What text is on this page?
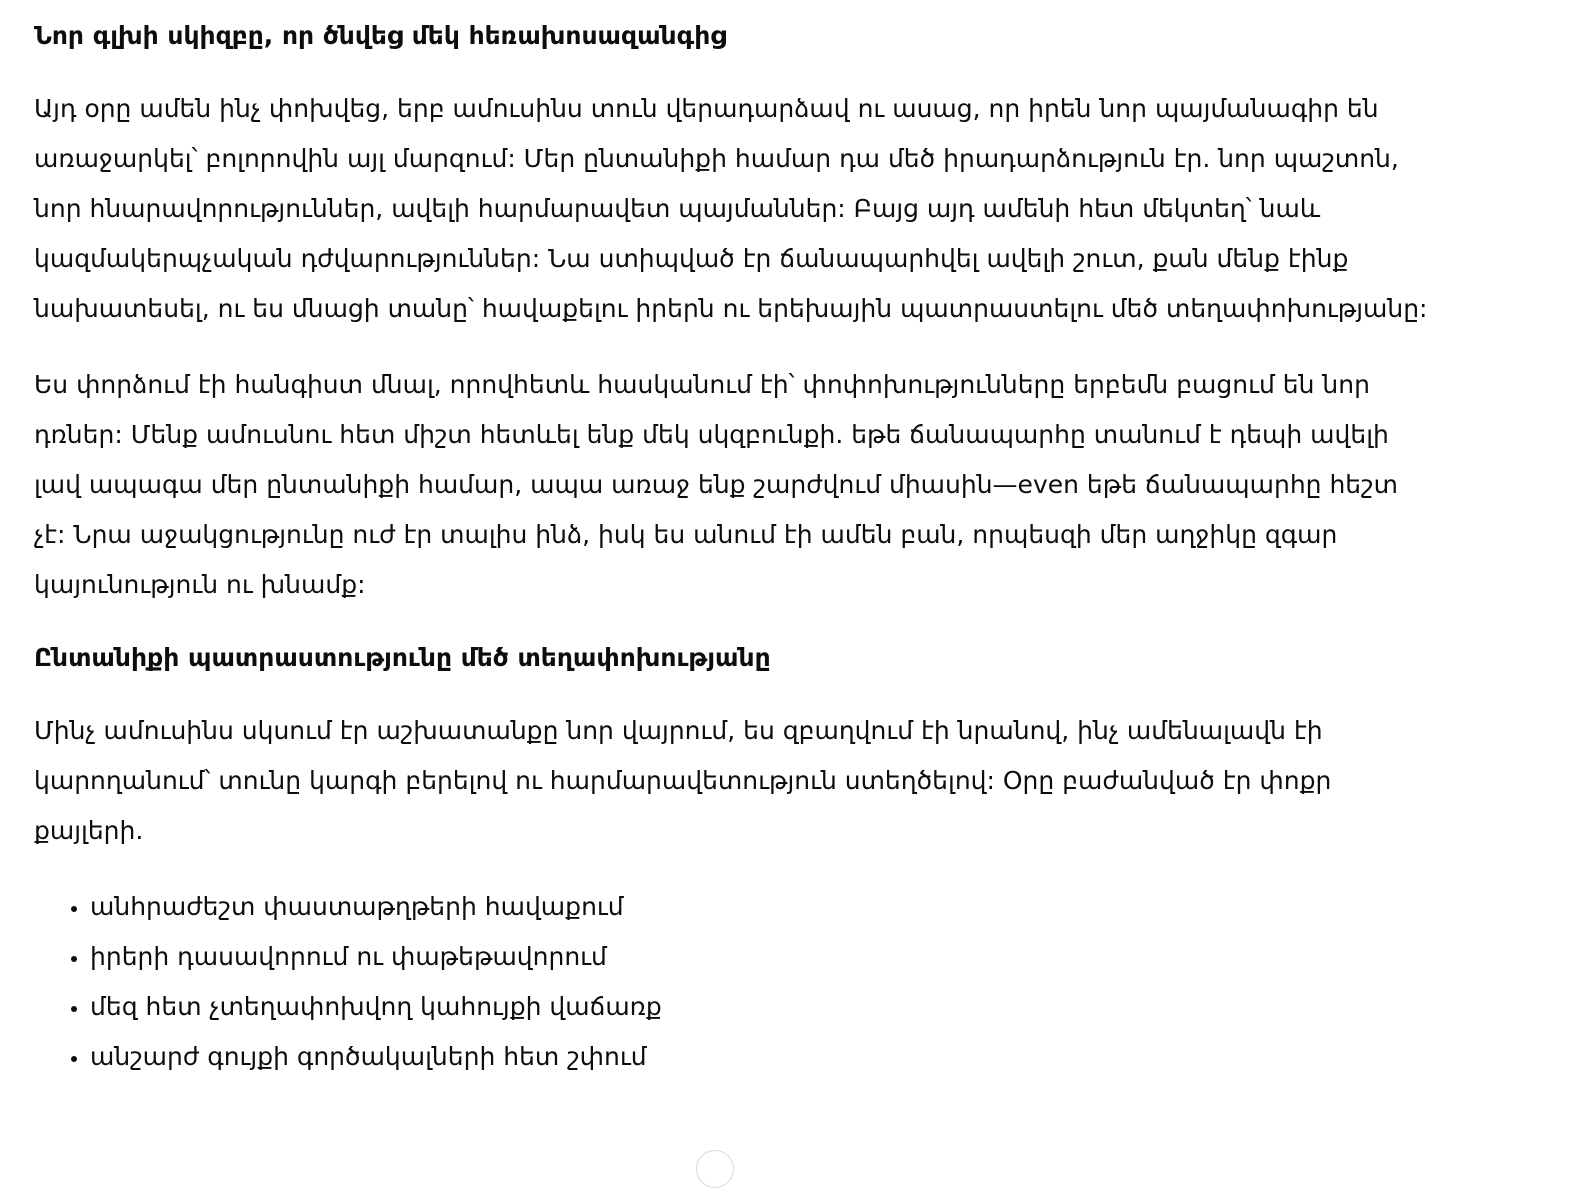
Նոր գլխի սկիզբը, որ ծնվեց մեկ հեռախոսազանգից

Այդ օրը ամեն ինչ փոխվեց, երբ ամուսինս տուն վերադարձավ ու ասաց, որ իրեն նոր պայմանագիր են առաջարկել՝ բոլորովին այլ մարզում: Մեր ընտանիքի համար դա մեծ իրադարձություն էր. նոր պաշտոն, նոր հնարավորություններ, ավելի հարմարավետ պայմաններ: Բայց այդ ամենի հետ մեկտեղ՝ նաև կազմակերպչական դժվարություններ: Նա ստիպված էր ճանապարհվել ավելի շուտ, քան մենք էինք նախատեսել, ու ես մնացի տանը՝ հավաքելու իրերն ու երեխային պատրաստելու մեծ տեղափոխությանը:

Ես փորձում էի հանգիստ մնալ, որովհետև հասկանում էի՝ փոփոխությունները երբեմն բացում են նոր դռներ: Մենք ամուսնու հետ միշտ հետևել ենք մեկ սկզբունքի. եթե ճանապարհը տանում է դեպի ավելի լավ ապագա մեր ընտանիքի համար, ապա առաջ ենք շարժվում միասին—even եթե ճանապարհը հեշտ չէ: Նրա աջակցությունը ուժ էր տալիս ինձ, իսկ ես անում էի ամեն բան, որպեսզի մեր աղջիկը զգար կայունություն ու խնամք:

Ընտանիքի պատրաստությունը մեծ տեղափոխությանը

Մինչ ամուսինս սկսում էր աշխատանքը նոր վայրում, ես զբաղվում էի նրանով, ինչ ամենալավն էի կարողանում՝ տունը կարգի բերելով ու հարմարավետություն ստեղծելով: Օրը բաժանված էր փոքր քայլերի.

• անհրաժեշտ փաստաթղթերի հավաքում
• իրերի դասավորում ու փաթեթավորում
• մեզ հետ չտեղափոխվող կահույքի վաճառք
• անշարժ գույքի գործակալների հետ շփում
